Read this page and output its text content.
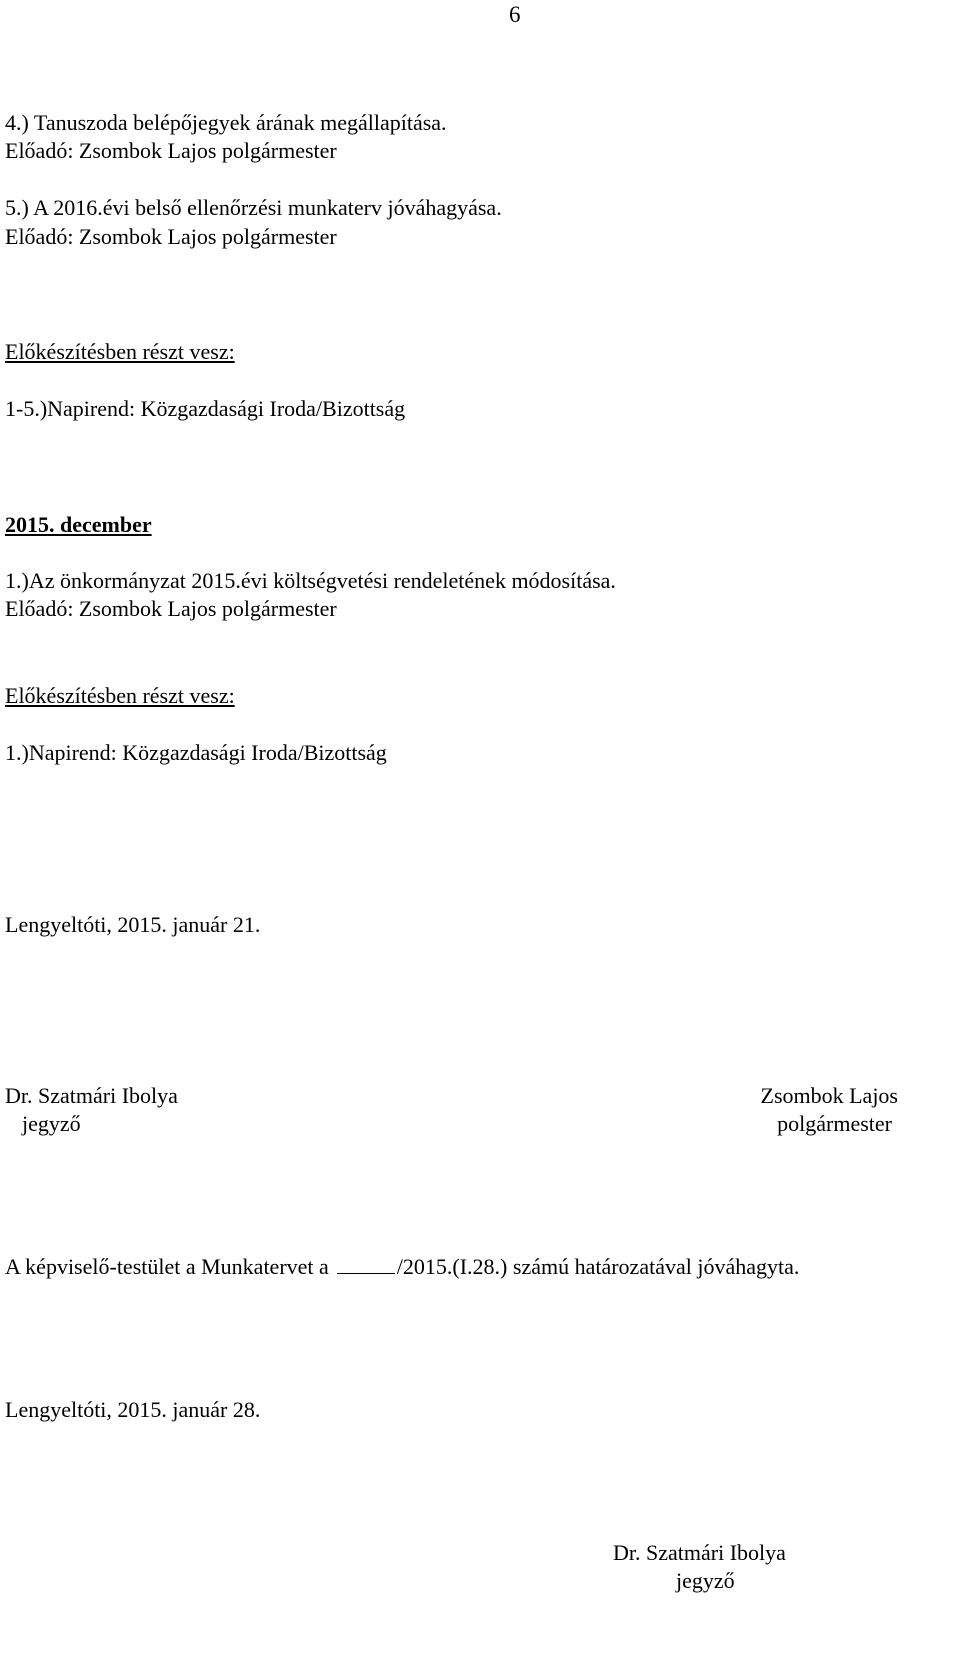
6
4.) Tanuszoda belépőjegyek árának megállapítása.
Előadó: Zsombok Lajos polgármester
5.) A 2016.évi belső ellenőrzési munkaterv jóváhagyása.
Előadó: Zsombok Lajos polgármester
Előkészítésben részt vesz:
1-5.)Napirend: Közgazdasági Iroda/Bizottság
2015. december
1.)Az önkormányzat 2015.évi költségvetési rendeletének módosítása.
Előadó: Zsombok Lajos polgármester
Előkészítésben részt vesz:
1.)Napirend: Közgazdasági Iroda/Bizottság
Lengyeltóti, 2015. január 21.
Dr. Szatmári Ibolya
jegyző
Zsombok Lajos
polgármester
A képviselő-testület a Munkatervet a	/2015.(I.28.) számú határozatával jóváhagyta.
Lengyeltóti, 2015. január 28.
Dr. Szatmári Ibolya
jegyző
